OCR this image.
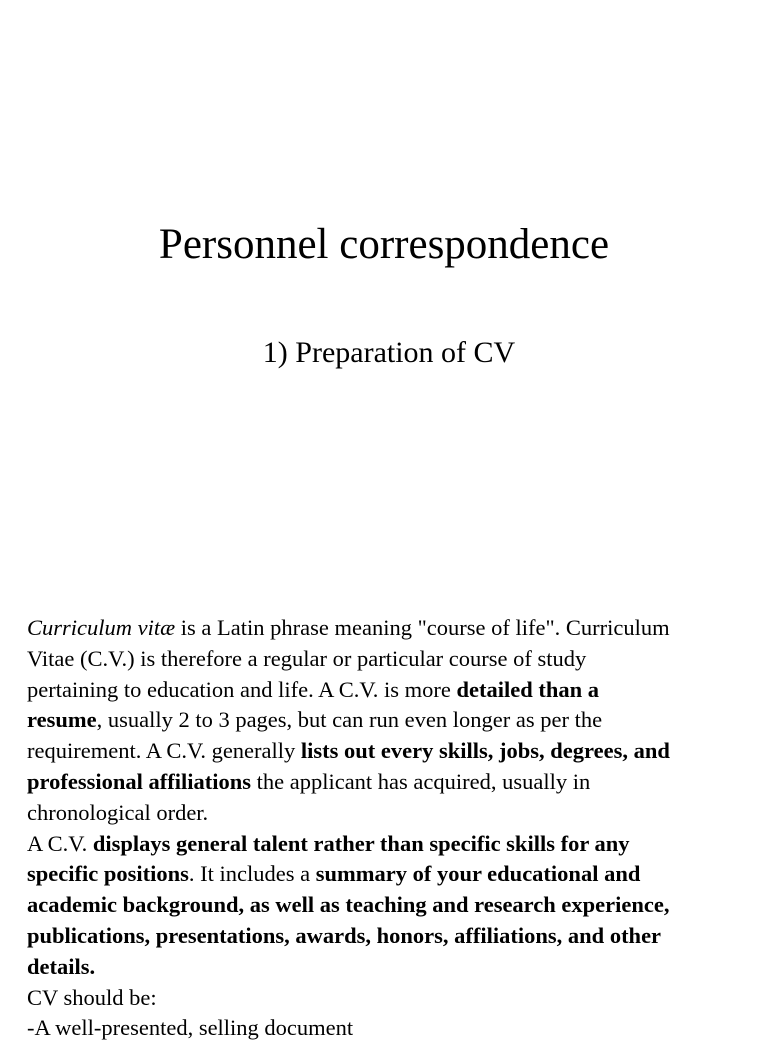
Personnel correspondence
1) Preparation of CV
Curriculum vitæ is a Latin phrase meaning "course of life". Curriculum
Vitae (C.V.) is therefore a regular or particular course of study
pertaining to education and life. A C.V. is more detailed than a
resume, usually 2 to 3 pages, but can run even longer as per the
requirement. A C.V. generally lists out every skills, jobs, degrees, and
professional affiliations the applicant has acquired, usually in
chronological order.
A C.V. displays general talent rather than specific skills for any
specific positions. It includes a summary of your educational and
academic background, as well as teaching and research experience,
publications, presentations, awards, honors, affiliations, and other
details.
CV should be:
-A well-presented, selling document
